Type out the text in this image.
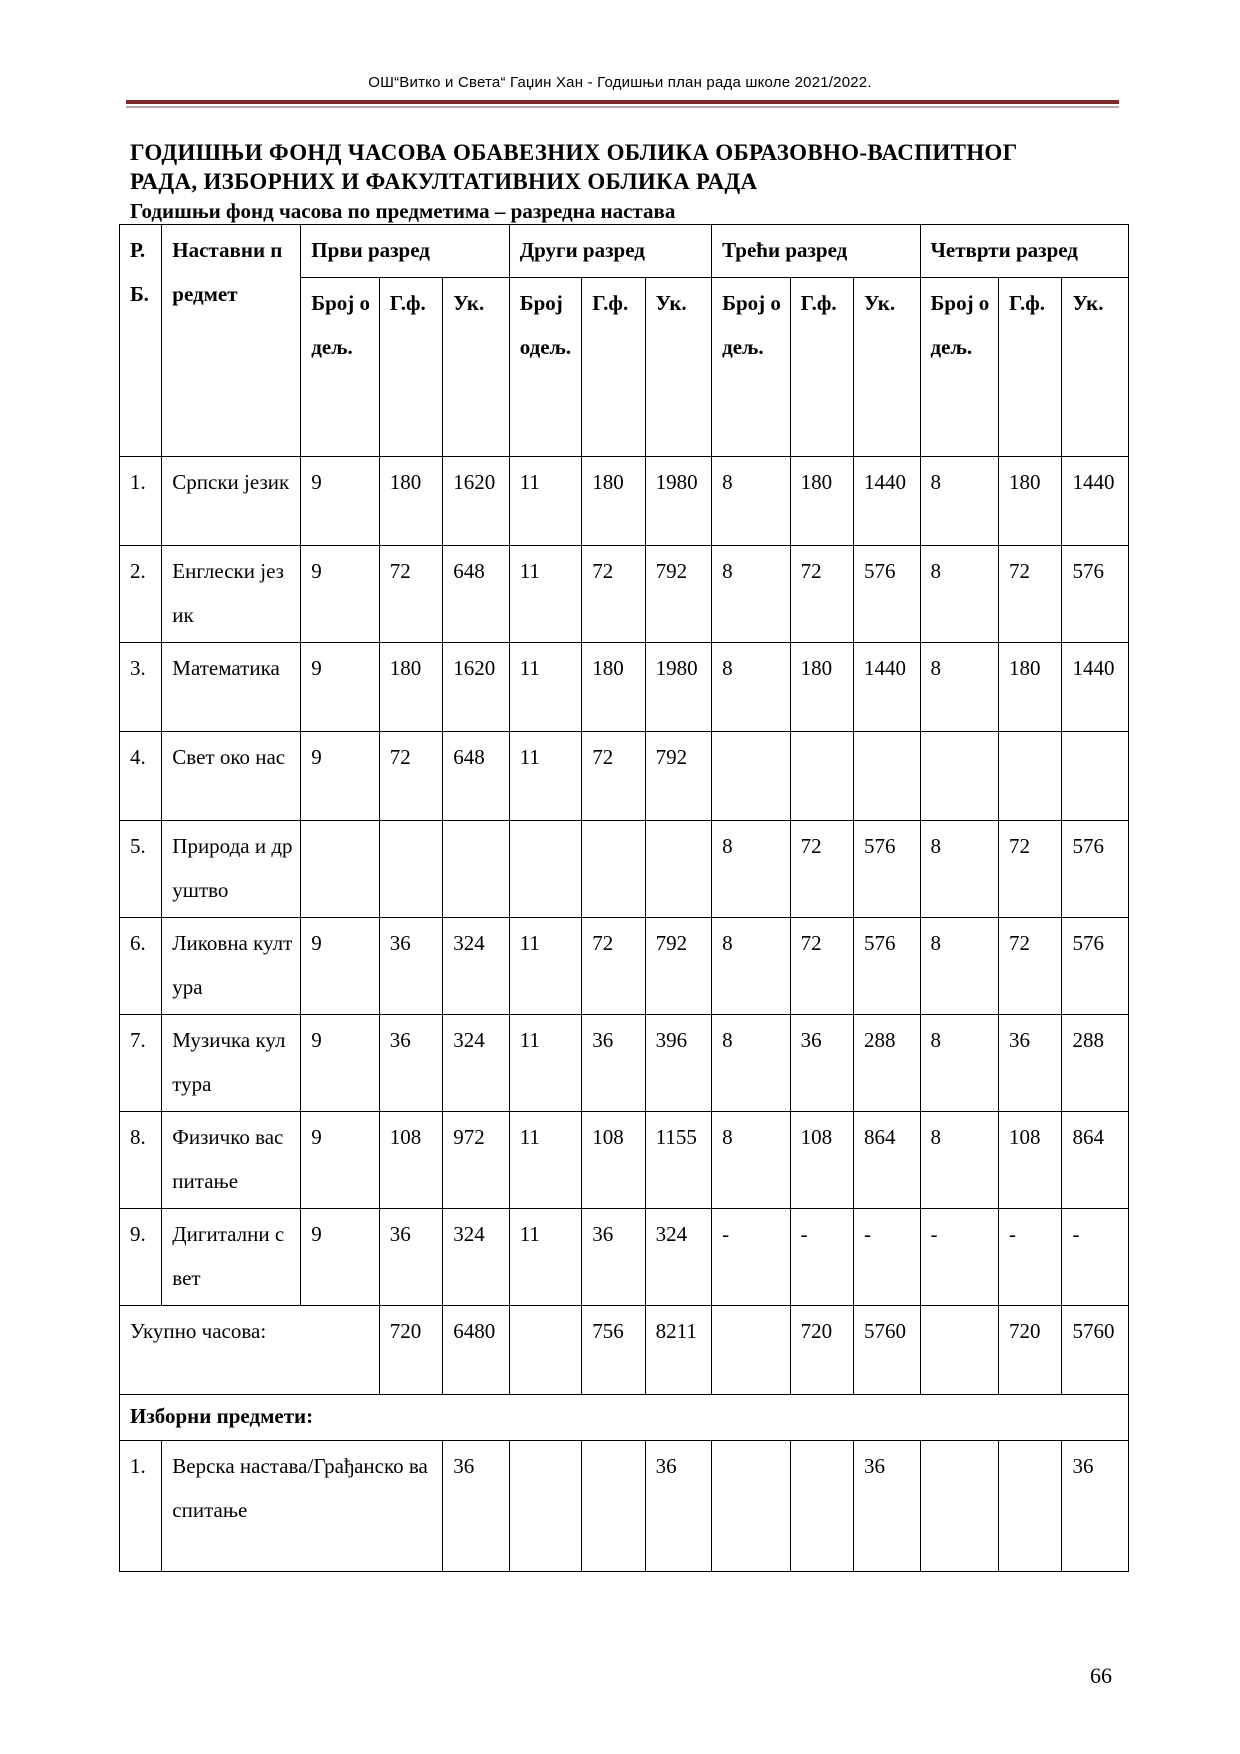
ОШ“Витко и Света“ Гаџин Хан - Годишњи план рада школе 2021/2022.
ГОДИШЊИ ФОНД ЧАСОВА ОБАВЕЗНИХ ОБЛИКА ОБРАЗОВНО-ВАСПИТНОГ
РАДА, ИЗБОРНИХ И ФАКУЛТАТИВНИХ ОБЛИКА РАДА
Годишњи фонд часова по предметима – разредна настава
Р.Б.	Наставни предмет	Први разред			Други разред			Трећи разред			Четврти разред		
		Број одељ.	Г.ф.	Ук.	Број одељ.	Г.ф.	Ук.	Број одељ.	Г.ф.	Ук.	Број одељ.	Г.ф.	Ук.
1.	Српски језик	9	180	1620	11	180	1980	8	180	1440	8	180	1440
2.	Енглески језик	9	72	648	11	72	792	8	72	576	8	72	576
3.	Математика	9	180	1620	11	180	1980	8	180	1440	8	180	1440
4.	Свет око нас	9	72	648	11	72	792						
5.	Природа и друштво							8	72	576	8	72	576
6.	Ликовна култура	9	36	324	11	72	792	8	72	576	8	72	576
7.	Музичка култура	9	36	324	11	36	396	8	36	288	8	36	288
8.	Физичко васпитање	9	108	972	11	108	1155	8	108	864	8	108	864
9.	Дигитални свет	9	36	324	11	36	324	-	-	-	-	-	-
Укупно часова:			720	6480		756	8211		720	5760		720	5760
Изборни предмети:													
1.	Верска настава/Грађанско васпитање			36			36			36			36
66
